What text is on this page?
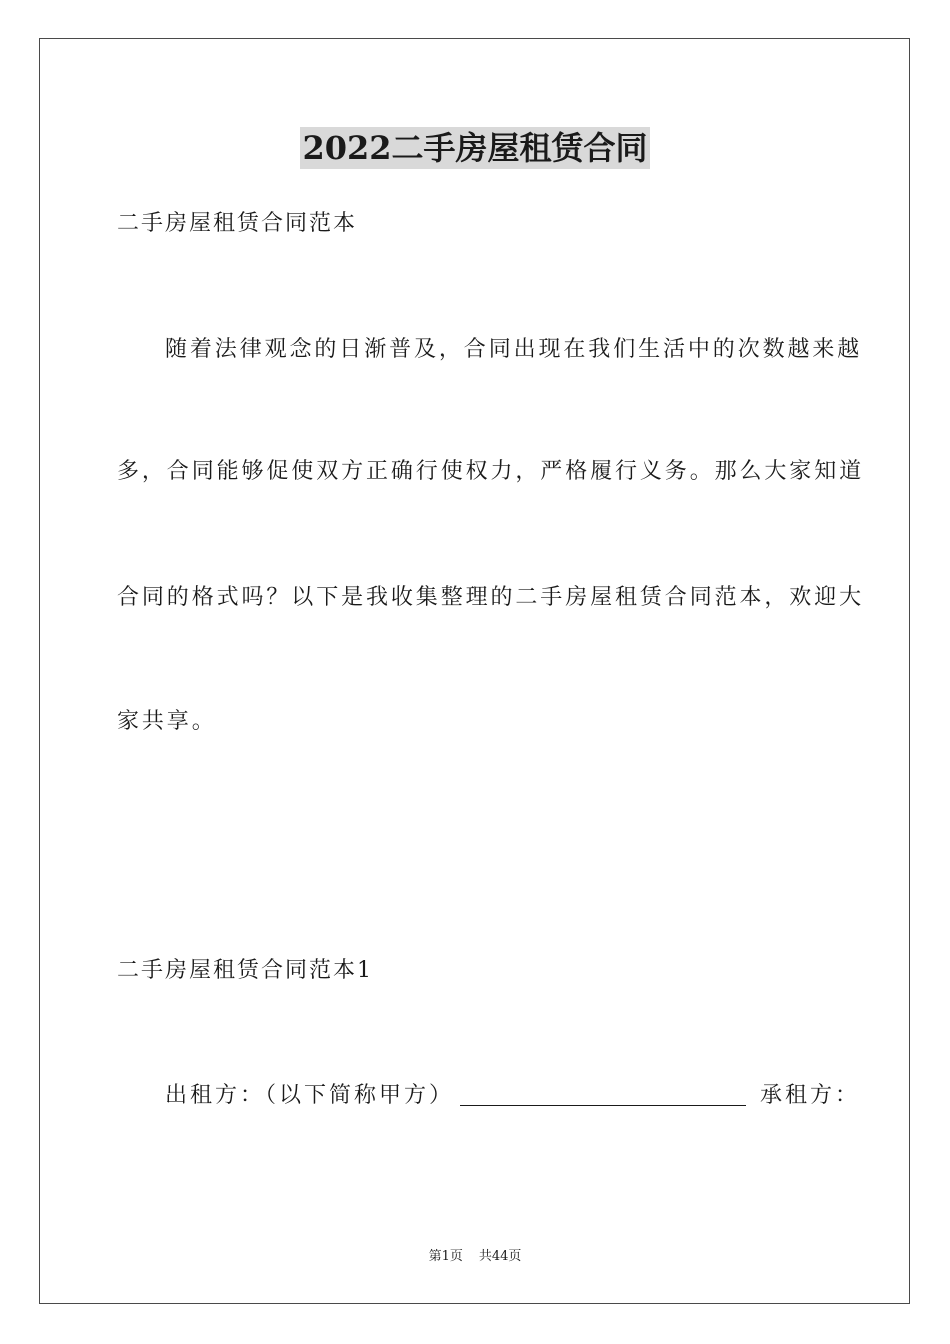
2022二手房屋租赁合同

二手房屋租赁合同范本

随着法律观念的日渐普及，合同出现在我们生活中的次数越来越

多，合同能够促使双方正确行使权力，严格履行义务。那么大家知道

合同的格式吗？以下是我收集整理的二手房屋租赁合同范本，欢迎大

家共享。

二手房屋租赁合同范本1

出租方：（以下简称甲方）	承租方：

第1页 共44页
